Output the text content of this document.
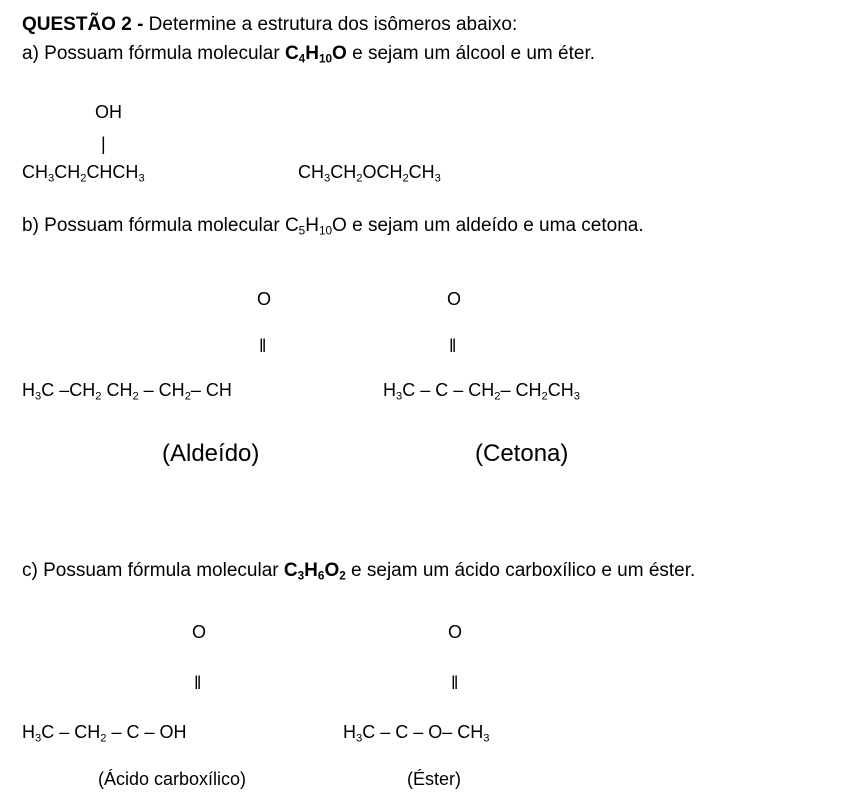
QUESTÃO 2 - Determine a estrutura dos isômeros abaixo:
a) Possuam fórmula molecular $C_4H_{10}O$ e sejam um álcool e um éter.
OH
|
$CH_3CH_2CHCH_3$	$CH_3CH_2OCH_2CH_3$
b) Possuam fórmula molecular $C_5H_{10}O$ e sejam um aldeído e uma cetona.
O
‖
$H_3C$ $-CH_2$ $CH_2 - CH_2-$ CH
(Aldeído)
O
‖
$H_3C$ – C – $CH_2-$ $CH_2CH_3$
(Cetona)
c) Possuam fórmula molecular $C_3H_6O_2$ e sejam um ácido carboxílico e um éster.
O
‖
$H_3C - CH_2$ – C – OH
(Ácido carboxílico)
O
‖
$H_3C$ – C – O– $CH_3$
(Éster)
